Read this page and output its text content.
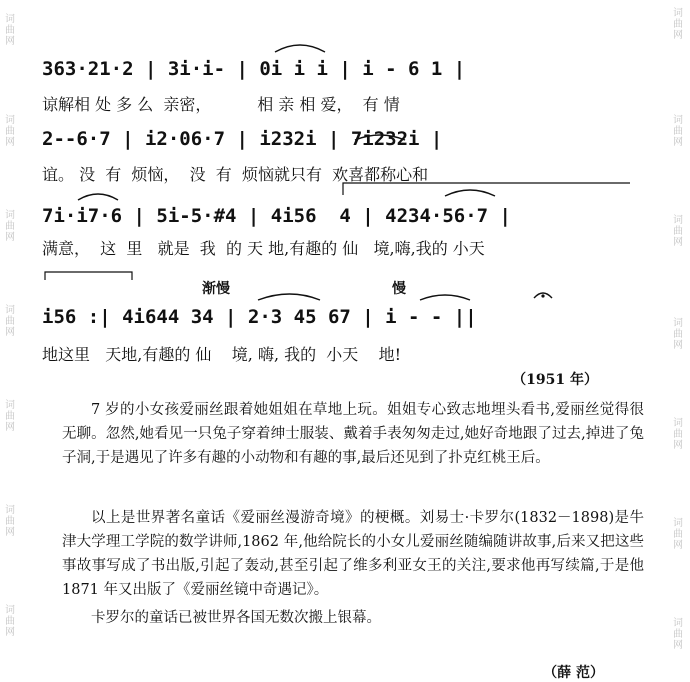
词
曲
网
词
曲
网
词
曲
网
词
曲
网
词
曲
网
词
曲
网
词
曲
网
词
曲
网
词
曲
网
词
曲
网
词
曲
网
词
曲
网
词
曲
网
词
曲
网
363·21·2 | 3i·i- | 0i i i | i - 6 1 |
谅解相 处 多 么  亲密，         相 亲 相 爱，  有 情
2--6·7 | i2·06·7 | i232i | 7i232i |
谊。 没  有  烦恼，  没  有  烦恼就只有  欢喜都称心和
7i·i7·6 | 5i-5·#4 | 4i56  4 | 4234·56·7 |
满意，  这  里   就是  我  的 天 地,有趣的 仙   境,嗨,我的 小天
渐慢	慢
i56 :| 4i644 34 | 2·3 45 67 | i - - ||
地这里   天地,有趣的 仙    境, 嗨, 我的  小天    地!
（1951 年）

7 岁的小女孩爱丽丝跟着她姐姐在草地上玩。姐姐专心致志地埋头看书,爱丽丝觉得很无聊。忽然,她看见一只兔子穿着绅士服装、戴着手表匆匆走过,她好奇地跟了过去,掉进了兔子洞,于是遇见了许多有趣的小动物和有趣的事,最后还见到了扑克红桃王后。

以上是世界著名童话《爱丽丝漫游奇境》的梗概。刘易士·卡罗尔(1832－1898)是牛津大学理工学院的数学讲师,1862 年,他给院长的小女儿爱丽丝随编随讲故事,后来又把这些事故事写成了书出版,引起了轰动,甚至引起了维多利亚女王的关注,要求他再写续篇,于是他 1871 年又出版了《爱丽丝镜中奇遇记》。

卡罗尔的童话已被世界各国无数次搬上银幕。

（薛 范）
